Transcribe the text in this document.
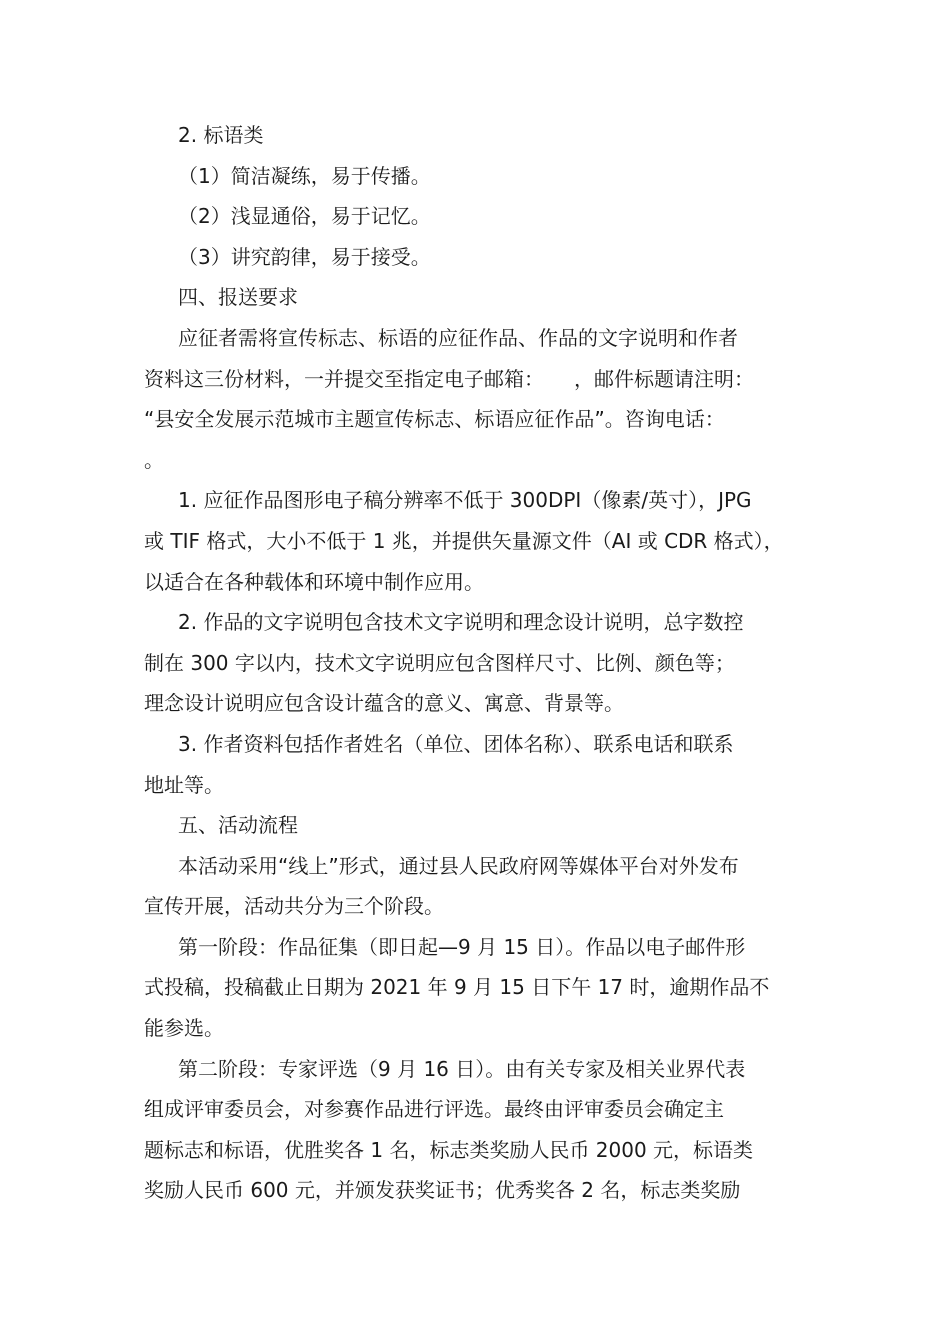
2. 标语类
（1）简洁凝练，易于传播。
（2）浅显通俗，易于记忆。
（3）讲究韵律，易于接受。
四、报送要求
应征者需将宣传标志、标语的应征作品、作品的文字说明和作者
资料这三份材料，一并提交至指定电子邮箱：　　，邮件标题请注明：
“县安全发展示范城市主题宣传标志、标语应征作品”。咨询电话：
。
1. 应征作品图形电子稿分辨率不低于 300DPI（像素/英寸），JPG
或 TIF 格式，大小不低于 1 兆，并提供矢量源文件（AI 或 CDR 格式），
以适合在各种载体和环境中制作应用。
2. 作品的文字说明包含技术文字说明和理念设计说明，总字数控
制在 300 字以内，技术文字说明应包含图样尺寸、比例、颜色等；
理念设计说明应包含设计蕴含的意义、寓意、背景等。
3. 作者资料包括作者姓名（单位、团体名称）、联系电话和联系
地址等。
五、活动流程
本活动采用“线上”形式，通过县人民政府网等媒体平台对外发布
宣传开展，活动共分为三个阶段。
第一阶段：作品征集（即日起—9 月 15 日）。作品以电子邮件形
式投稿，投稿截止日期为 2021 年 9 月 15 日下午 17 时，逾期作品不
能参选。
第二阶段：专家评选（9 月 16 日）。由有关专家及相关业界代表
组成评审委员会，对参赛作品进行评选。最终由评审委员会确定主
题标志和标语，优胜奖各 1 名，标志类奖励人民币 2000 元，标语类
奖励人民币 600 元，并颁发获奖证书；优秀奖各 2 名，标志类奖励
